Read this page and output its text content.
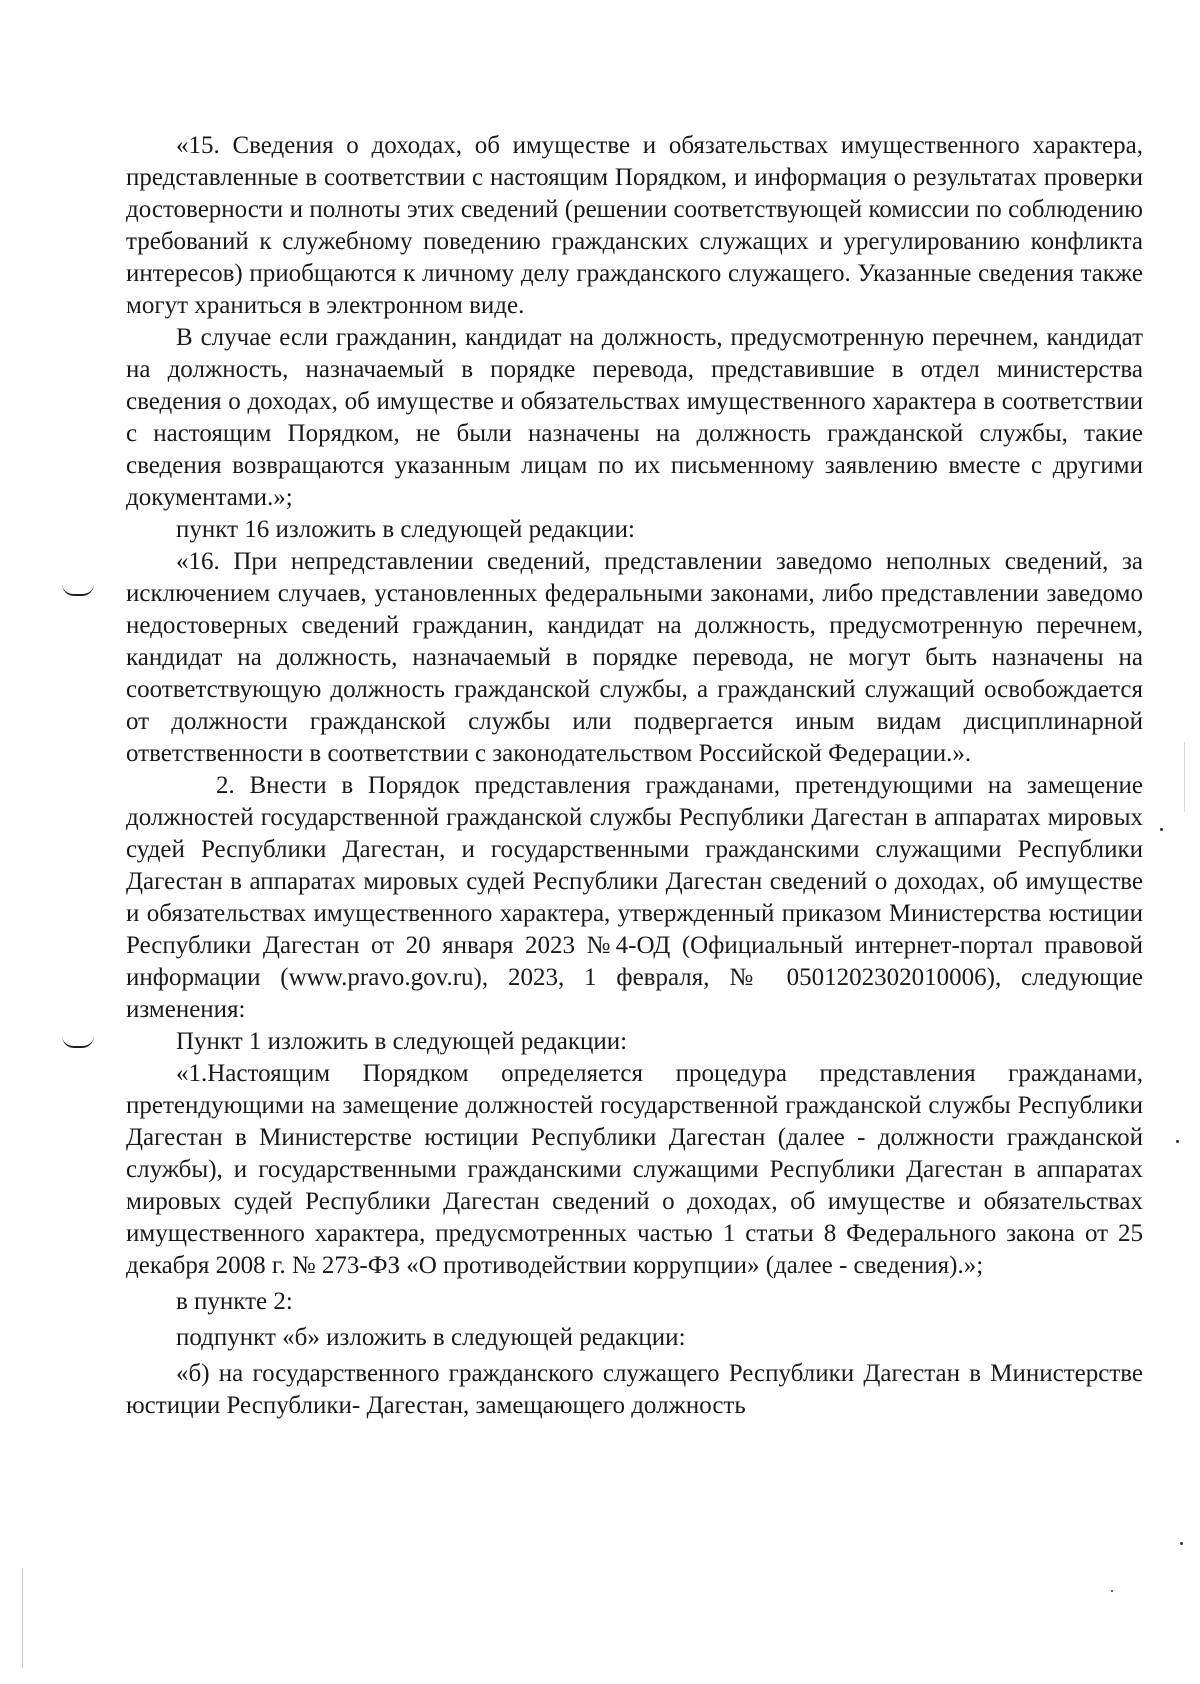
«15. Сведения о доходах, об имуществе и обязательствах имущественного характера, представленные в соответствии с настоящим Порядком, и информация о результатах проверки достоверности и полноты этих сведений (решении соответствующей комиссии по соблюдению требований к служебному поведению гражданских служащих и урегулированию конфликта интересов) приобщаются к личному делу гражданского служащего. Указанные сведения также могут храниться в электронном виде.

В случае если гражданин, кандидат на должность, предусмотренную перечнем, кандидат на должность, назначаемый в порядке перевода, представившие в отдел министерства сведения о доходах, об имуществе и обязательствах имущественного характера в соответствии с настоящим Порядком, не были назначены на должность гражданской службы, такие сведения возвращаются указанным лицам по их письменному заявлению вместе с другими документами.»;

пункт 16 изложить в следующей редакции:

«16. При непредставлении сведений, представлении заведомо неполных сведений, за исключением случаев, установленных федеральными законами, либо представлении заведомо недостоверных сведений гражданин, кандидат на должность, предусмотренную перечнем, кандидат на должность, назначаемый в порядке перевода, не могут быть назначены на соответствующую должность гражданской службы, а гражданский служащий освобождается от должности гражданской службы или подвергается иным видам дисциплинарной ответственности в соответствии с законодательством Российской Федерации.».

2. Внести в Порядок представления гражданами, претендующими на замещение должностей государственной гражданской службы Республики Дагестан в аппаратах мировых судей Республики Дагестан, и государственными гражданскими служащими Республики Дагестан в аппаратах мировых судей Республики Дагестан сведений о доходах, об имуществе и обязательствах имущественного характера, утвержденный приказом Министерства юстиции Республики Дагестан от 20 января 2023 №4-ОД (Официальный интернет-портал правовой информации (www.pravo.gov.ru), 2023, 1 февраля, № 0501202302010006), следующие изменения:

Пункт 1 изложить в следующей редакции:

«1.Настоящим Порядком определяется процедура представления гражданами, претендующими на замещение должностей государственной гражданской службы Республики Дагестан в Министерстве юстиции Республики Дагестан (далее - должности гражданской службы), и государственными гражданскими служащими Республики Дагестан в аппаратах мировых судей Республики Дагестан сведений о доходах, об имуществе и обязательствах имущественного характера, предусмотренных частью 1 статьи 8 Федерального закона от 25 декабря 2008 г. № 273-ФЗ «О противодействии коррупции» (далее - сведения).»;

в пункте 2:

подпункт «б» изложить в следующей редакции:

«б) на государственного гражданского служащего Республики Дагестан в Министерстве юстиции Республики- Дагестан, замещающего должность
